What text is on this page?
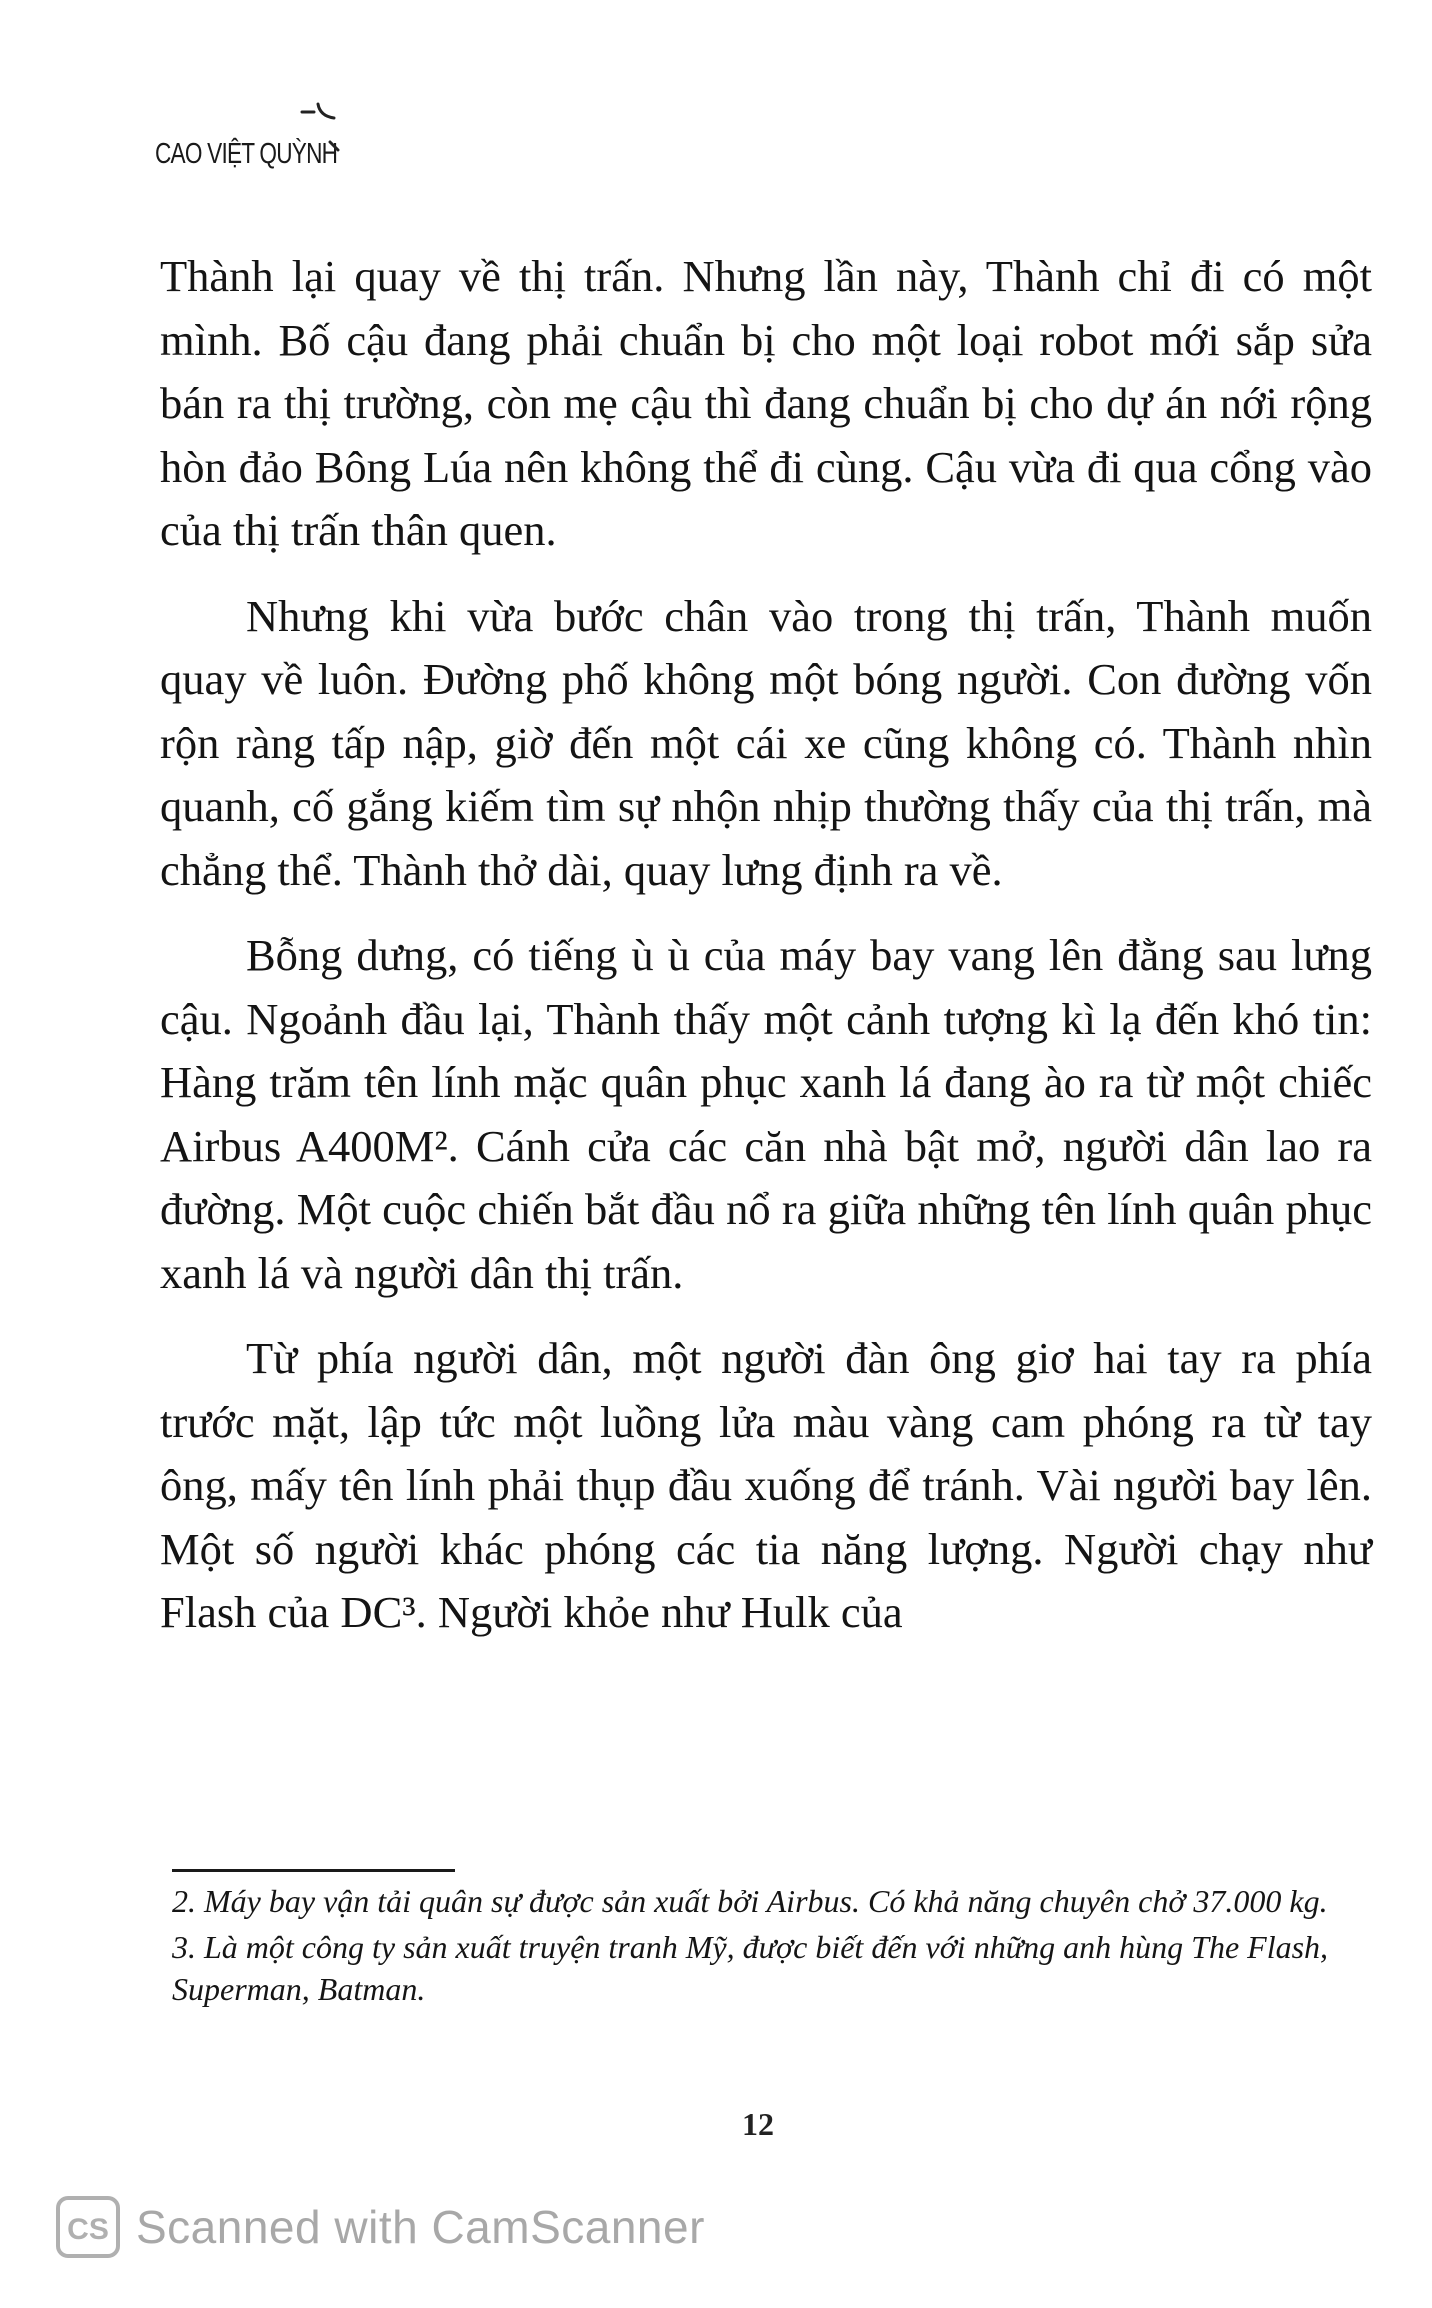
CAO VIỆT QUỲNH

Thành lại quay về thị trấn. Nhưng lần này, Thành chỉ đi có một mình. Bố cậu đang phải chuẩn bị cho một loại robot mới sắp sửa bán ra thị trường, còn mẹ cậu thì đang chuẩn bị cho dự án nới rộng hòn đảo Bông Lúa nên không thể đi cùng. Cậu vừa đi qua cổng vào của thị trấn thân quen.

Nhưng khi vừa bước chân vào trong thị trấn, Thành muốn quay về luôn. Đường phố không một bóng người. Con đường vốn rộn ràng tấp nập, giờ đến một cái xe cũng không có. Thành nhìn quanh, cố gắng kiếm tìm sự nhộn nhịp thường thấy của thị trấn, mà chẳng thể. Thành thở dài, quay lưng định ra về.

Bỗng dưng, có tiếng ù ù của máy bay vang lên đằng sau lưng cậu. Ngoảnh đầu lại, Thành thấy một cảnh tượng kì lạ đến khó tin: Hàng trăm tên lính mặc quân phục xanh lá đang ào ra từ một chiếc Airbus A400M². Cánh cửa các căn nhà bật mở, người dân lao ra đường. Một cuộc chiến bắt đầu nổ ra giữa những tên lính quân phục xanh lá và người dân thị trấn.

Từ phía người dân, một người đàn ông giơ hai tay ra phía trước mặt, lập tức một luồng lửa màu vàng cam phóng ra từ tay ông, mấy tên lính phải thụp đầu xuống để tránh. Vài người bay lên. Một số người khác phóng các tia năng lượng. Người chạy như Flash của DC³. Người khỏe như Hulk của

2. Máy bay vận tải quân sự được sản xuất bởi Airbus. Có khả năng chuyên chở 37.000 kg.

3. Là một công ty sản xuất truyện tranh Mỹ, được biết đến với những anh hùng The Flash, Superman, Batman.

12
CS Scanned with CamScanner
